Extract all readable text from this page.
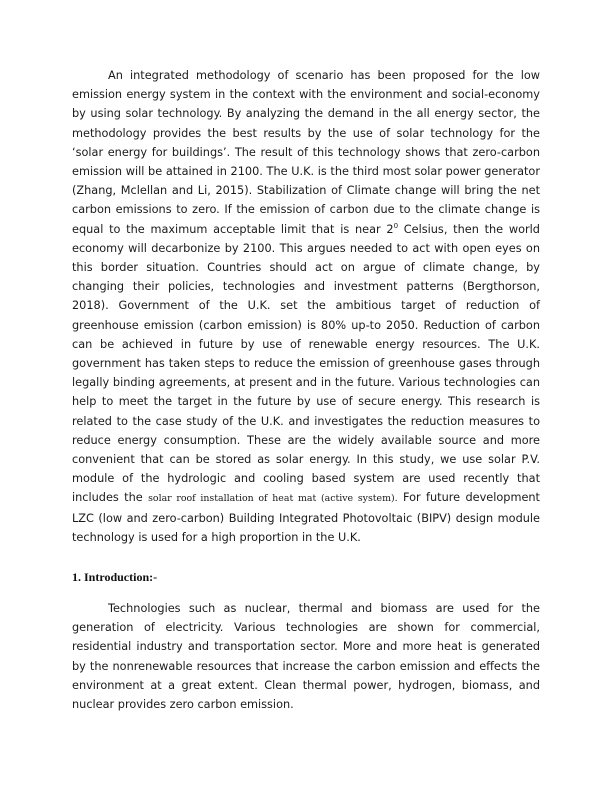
An integrated methodology of scenario has been proposed for the low emission energy system in the context with the environment and social-economy by using solar technology. By analyzing the demand in the all energy sector, the methodology provides the best results by the use of solar technology for the ‘solar energy for buildings’. The result of this technology shows that zero-carbon emission will be attained in 2100. The U.K. is the third most solar power generator (Zhang, Mclellan and Li, 2015). Stabilization of Climate change will bring the net carbon emissions to zero. If the emission of carbon due to the climate change is equal to the maximum acceptable limit that is near $2^0$ Celsius, then the world economy will decarbonize by 2100. This argues needed to act with open eyes on this border situation. Countries should act on argue of climate change, by changing their policies, technologies and investment patterns (Bergthorson, 2018). Government of the U.K. set the ambitious target of reduction of greenhouse emission (carbon emission) is 80% up-to 2050. Reduction of carbon can be achieved in future by use of renewable energy resources. The U.K. government has taken steps to reduce the emission of greenhouse gases through legally binding agreements, at present and in the future. Various technologies can help to meet the target in the future by use of secure energy. This research is related to the case study of the U.K. and investigates the reduction measures to reduce energy consumption. These are the widely available source and more convenient that can be stored as solar energy. In this study, we use solar P.V. module of the hydrologic and cooling based system are used recently that includes the solar roof installation of heat mat (active system). For future development LZC (low and zero-carbon) Building Integrated Photovoltaic (BIPV) design module technology is used for a high proportion in the U.K.

1. Introduction:-

Technologies such as nuclear, thermal and biomass are used for the generation of electricity. Various technologies are shown for commercial, residential industry and transportation sector. More and more heat is generated by the nonrenewable resources that increase the carbon emission and effects the environment at a great extent. Clean thermal power, hydrogen, biomass, and nuclear provides zero carbon emission.
